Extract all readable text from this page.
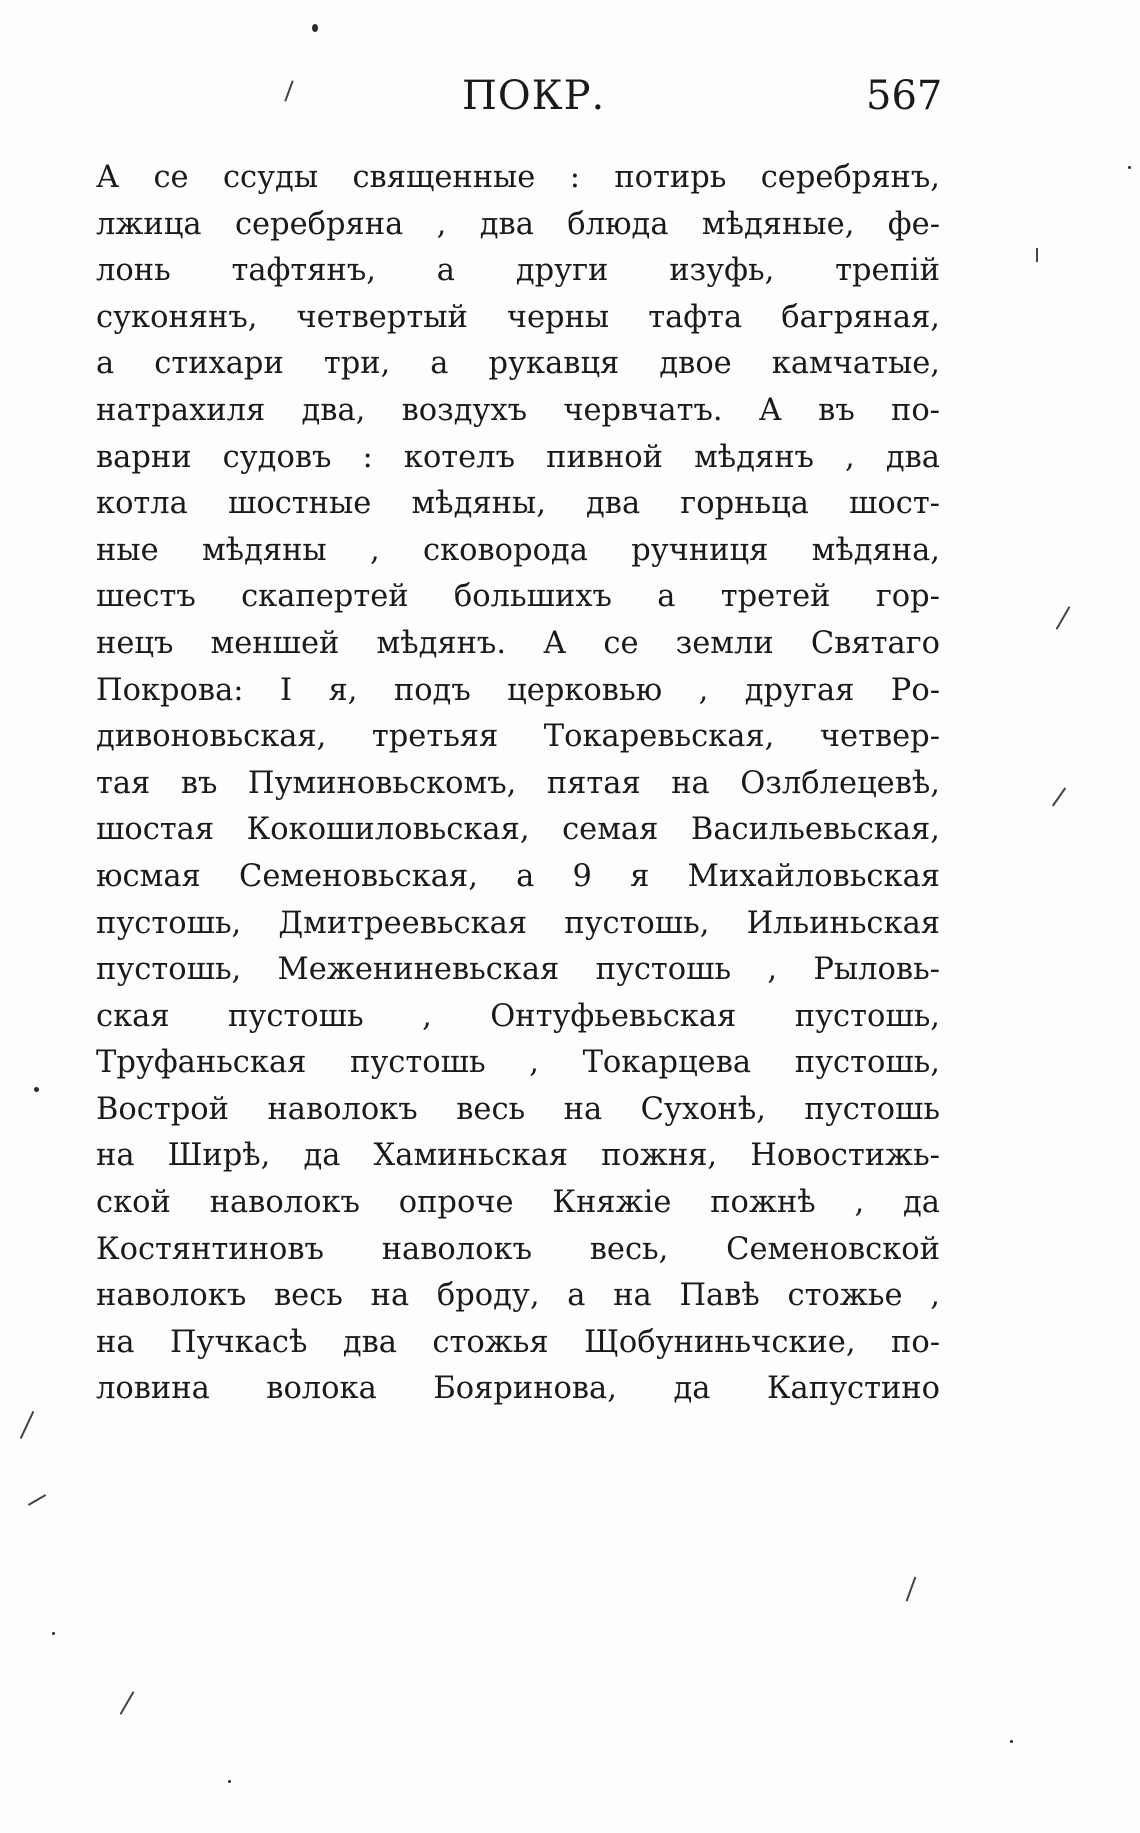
ПОКР.	567
А се ссуды священные : потирь серебрянъ,
лжица серебряна , два блюда мѣдяные, фе-
лонь тафтянъ, а други изуфь, трепій
суконянъ, четвертый черны тафта багряная,
а стихари три, а рукавця двое камчатые,
натрахиля два, воздухъ червчатъ. А въ по-
варни судовъ : котелъ пивной мѣдянъ , два
котла шостные мѣдяны, два горньца шост-
ные мѣдяны , сковорода ручниця мѣдяна,
шестъ скапертей большихъ а третей гор-
нецъ меншей мѣдянъ. А се земли Святаго
Покрова: I я, подъ церковью , другая Ро-
дивоновьская, третьяя Токаревьская, четвер-
тая въ Пуминовьскомъ, пятая на Озлблецевѣ,
шостая Кокошиловьская, семая Васильевьская,
юсмая Семеновьская, а 9 я Михайловьская
пустошь, Дмитреевьская пустошь, Ильиньская
пустошь, Межениневьская пустошь , Рыловь-
ская пустошь , Онтуфьевьская пустошь,
Труфаньская пустошь , Токарцева пустошь,
Вострой наволокъ весь на Сухонѣ, пустошь
на Ширѣ, да Хаминьская пожня, Новостижь-
ской наволокъ опроче Княжіе пожнѣ , да
Костянтиновъ наволокъ весь, Семеновской
наволокъ весь на броду, а на Павѣ стожье ,
на Пучкасѣ два стожья Щобуниньчские, по-
ловина волока Бояринова, да Капустино
